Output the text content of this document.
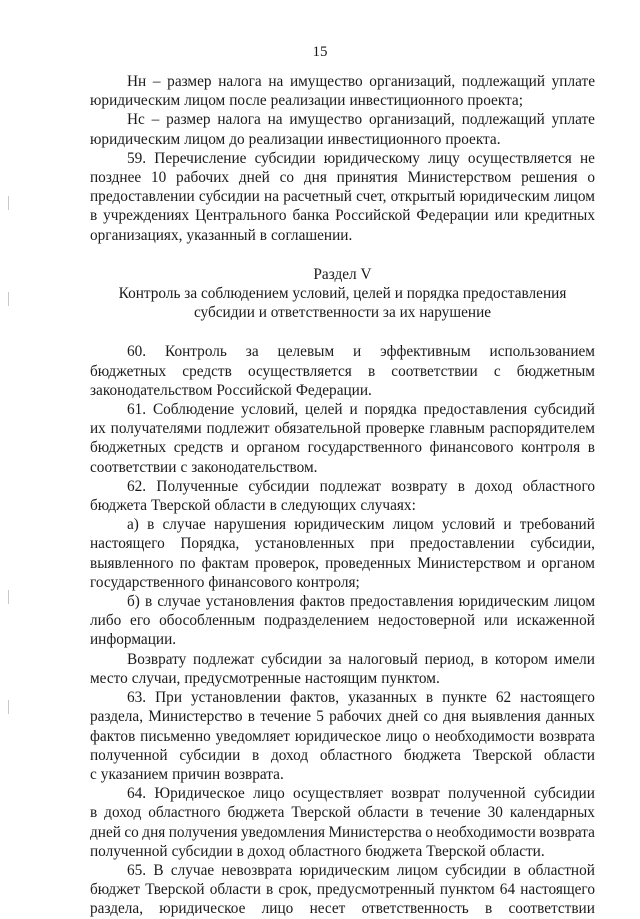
15
Нн – размер налога на имущество организаций, подлежащий уплате
юридическим лицом после реализации инвестиционного проекта;
Нс – размер налога на имущество организаций, подлежащий уплате
юридическим лицом до реализации инвестиционного проекта.
59. Перечисление субсидии юридическому лицу осуществляется не
позднее 10 рабочих дней со дня принятия Министерством решения о
предоставлении субсидии на расчетный счет, открытый юридическим лицом
в учреждениях Центрального банка Российской Федерации или кредитных
организациях, указанный в соглашении.
Раздел V
Контроль за соблюдением условий, целей и порядка предоставления
субсидии и ответственности за их нарушение
60. Контроль за целевым и эффективным использованием
бюджетных средств осуществляется в соответствии с бюджетным
законодательством Российской Федерации.
61. Соблюдение условий, целей и порядка предоставления субсидий
их получателями подлежит обязательной проверке главным распорядителем
бюджетных средств и органом государственного финансового контроля в
соответствии с законодательством.
62. Полученные субсидии подлежат возврату в доход областного
бюджета Тверской области в следующих случаях:
а) в случае нарушения юридическим лицом условий и требований
настоящего Порядка, установленных при предоставлении субсидии,
выявленного по фактам проверок, проведенных Министерством и органом
государственного финансового контроля;
б) в случае установления фактов предоставления юридическим лицом
либо его обособленным подразделением недостоверной или искаженной
информации.
Возврату подлежат субсидии за налоговый период, в котором имели
место случаи, предусмотренные настоящим пунктом.
63. При установлении фактов, указанных в пункте 62 настоящего
раздела, Министерство в течение 5 рабочих дней со дня выявления данных
фактов письменно уведомляет юридическое лицо о необходимости возврата
полученной субсидии в доход областного бюджета Тверской области
с указанием причин возврата.
64. Юридическое лицо осуществляет возврат полученной субсидии
в доход областного бюджета Тверской области в течение 30 календарных
дней со дня получения уведомления Министерства о необходимости возврата
полученной субсидии в доход областного бюджета Тверской области.
65. В случае невозврата юридическим лицом субсидии в областной
бюджет Тверской области в срок, предусмотренный пунктом 64 настоящего
раздела, юридическое лицо несет ответственность в соответствии
